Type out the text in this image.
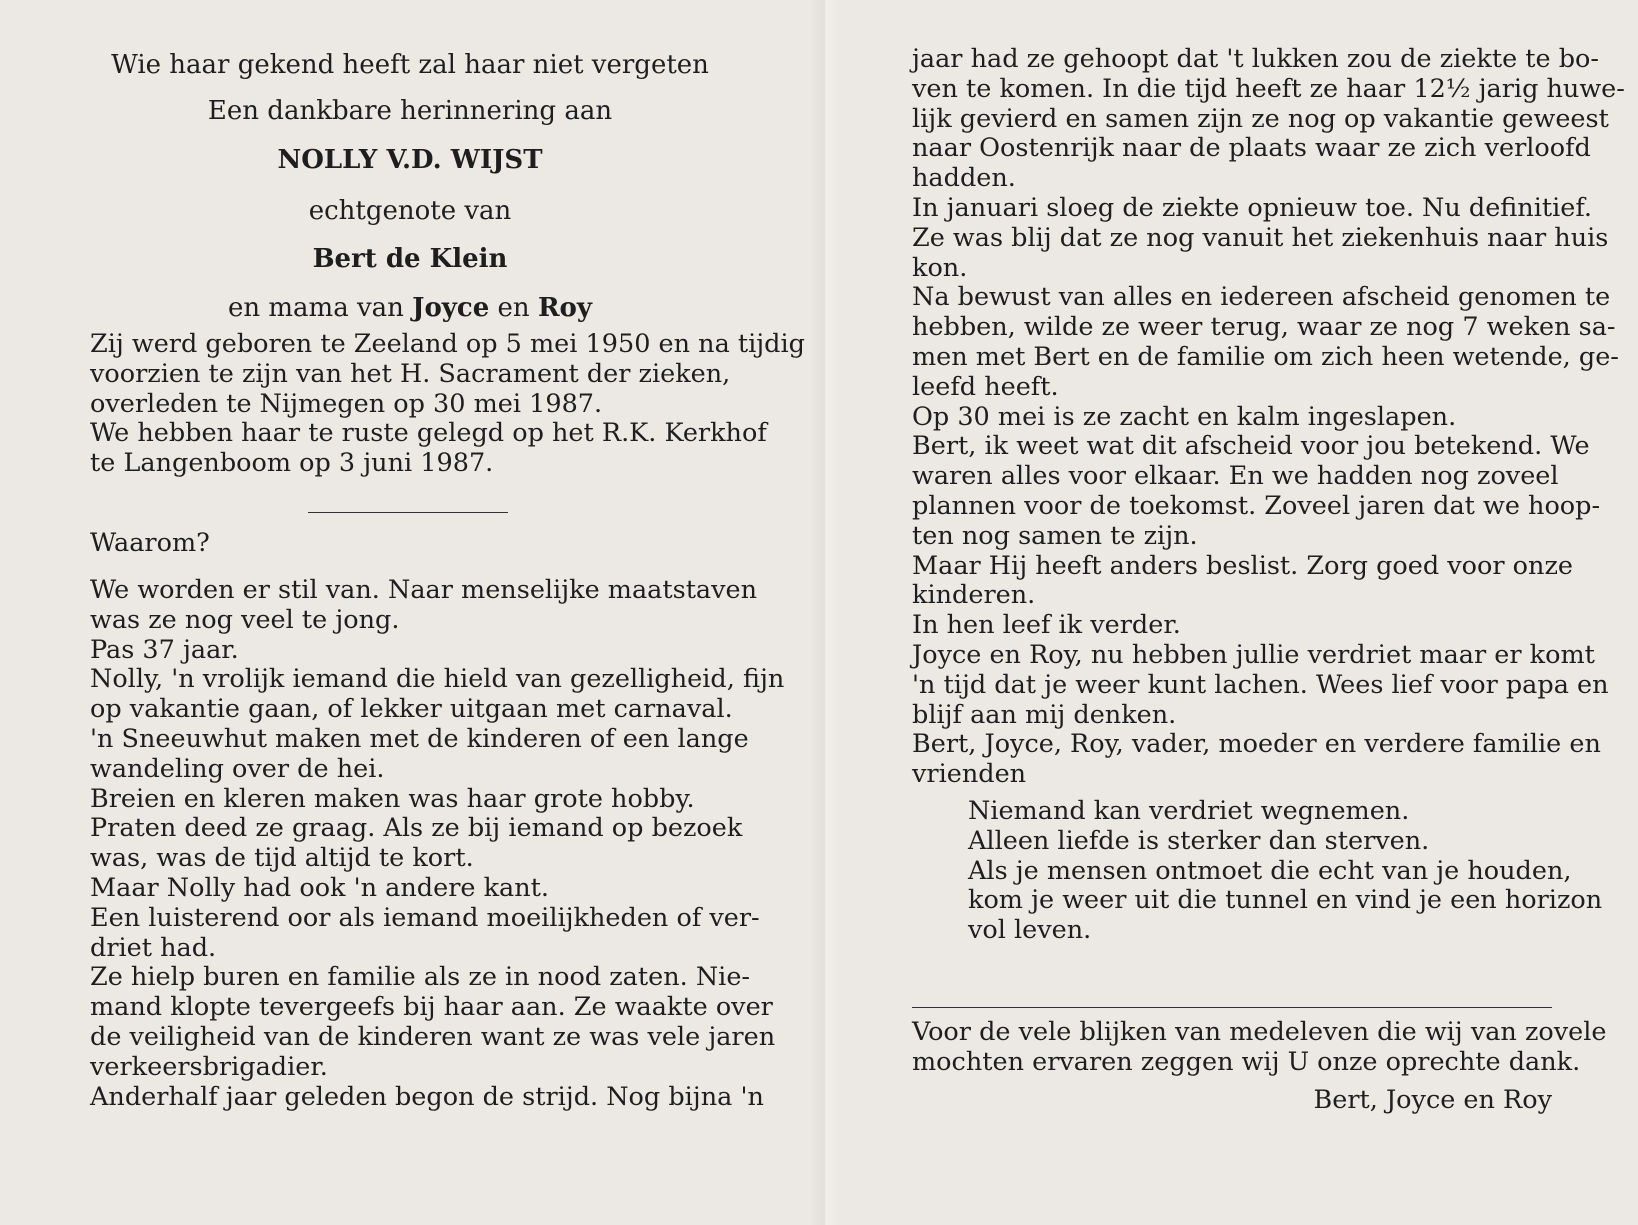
Wie haar gekend heeft zal haar niet vergeten
Een dankbare herinnering aan
NOLLY V.D. WIJST
echtgenote van
Bert de Klein
en mama van Joyce en Roy
Zij werd geboren te Zeeland op 5 mei 1950 en na tijdig
voorzien te zijn van het H. Sacrament der zieken,
overleden te Nijmegen op 30 mei 1987.
We hebben haar te ruste gelegd op het R.K. Kerkhof
te Langenboom op 3 juni 1987.
Waarom?
We worden er stil van. Naar menselijke maatstaven
was ze nog veel te jong.
Pas 37 jaar.
Nolly, 'n vrolijk iemand die hield van gezelligheid, fijn
op vakantie gaan, of lekker uitgaan met carnaval.
'n Sneeuwhut maken met de kinderen of een lange
wandeling over de hei.
Breien en kleren maken was haar grote hobby.
Praten deed ze graag. Als ze bij iemand op bezoek
was, was de tijd altijd te kort.
Maar Nolly had ook 'n andere kant.
Een luisterend oor als iemand moeilijkheden of ver-
driet had.
Ze hielp buren en familie als ze in nood zaten. Nie-
mand klopte tevergeefs bij haar aan. Ze waakte over
de veiligheid van de kinderen want ze was vele jaren
verkeersbrigadier.
Anderhalf jaar geleden begon de strijd. Nog bijna 'n
jaar had ze gehoopt dat 't lukken zou de ziekte te bo-
ven te komen. In die tijd heeft ze haar 12½ jarig huwe-
lijk gevierd en samen zijn ze nog op vakantie geweest
naar Oostenrijk naar de plaats waar ze zich verloofd
hadden.
In januari sloeg de ziekte opnieuw toe. Nu definitief.
Ze was blij dat ze nog vanuit het ziekenhuis naar huis
kon.
Na bewust van alles en iedereen afscheid genomen te
hebben, wilde ze weer terug, waar ze nog 7 weken sa-
men met Bert en de familie om zich heen wetende, ge-
leefd heeft.
Op 30 mei is ze zacht en kalm ingeslapen.
Bert, ik weet wat dit afscheid voor jou betekend. We
waren alles voor elkaar. En we hadden nog zoveel
plannen voor de toekomst. Zoveel jaren dat we hoop-
ten nog samen te zijn.
Maar Hij heeft anders beslist. Zorg goed voor onze
kinderen.
In hen leef ik verder.
Joyce en Roy, nu hebben jullie verdriet maar er komt
'n tijd dat je weer kunt lachen. Wees lief voor papa en
blijf aan mij denken.
Bert, Joyce, Roy, vader, moeder en verdere familie en
vrienden
Niemand kan verdriet wegnemen.
Alleen liefde is sterker dan sterven.
Als je mensen ontmoet die echt van je houden,
kom je weer uit die tunnel en vind je een horizon
vol leven.
Voor de vele blijken van medeleven die wij van zovele
mochten ervaren zeggen wij U onze oprechte dank.
Bert, Joyce en Roy
